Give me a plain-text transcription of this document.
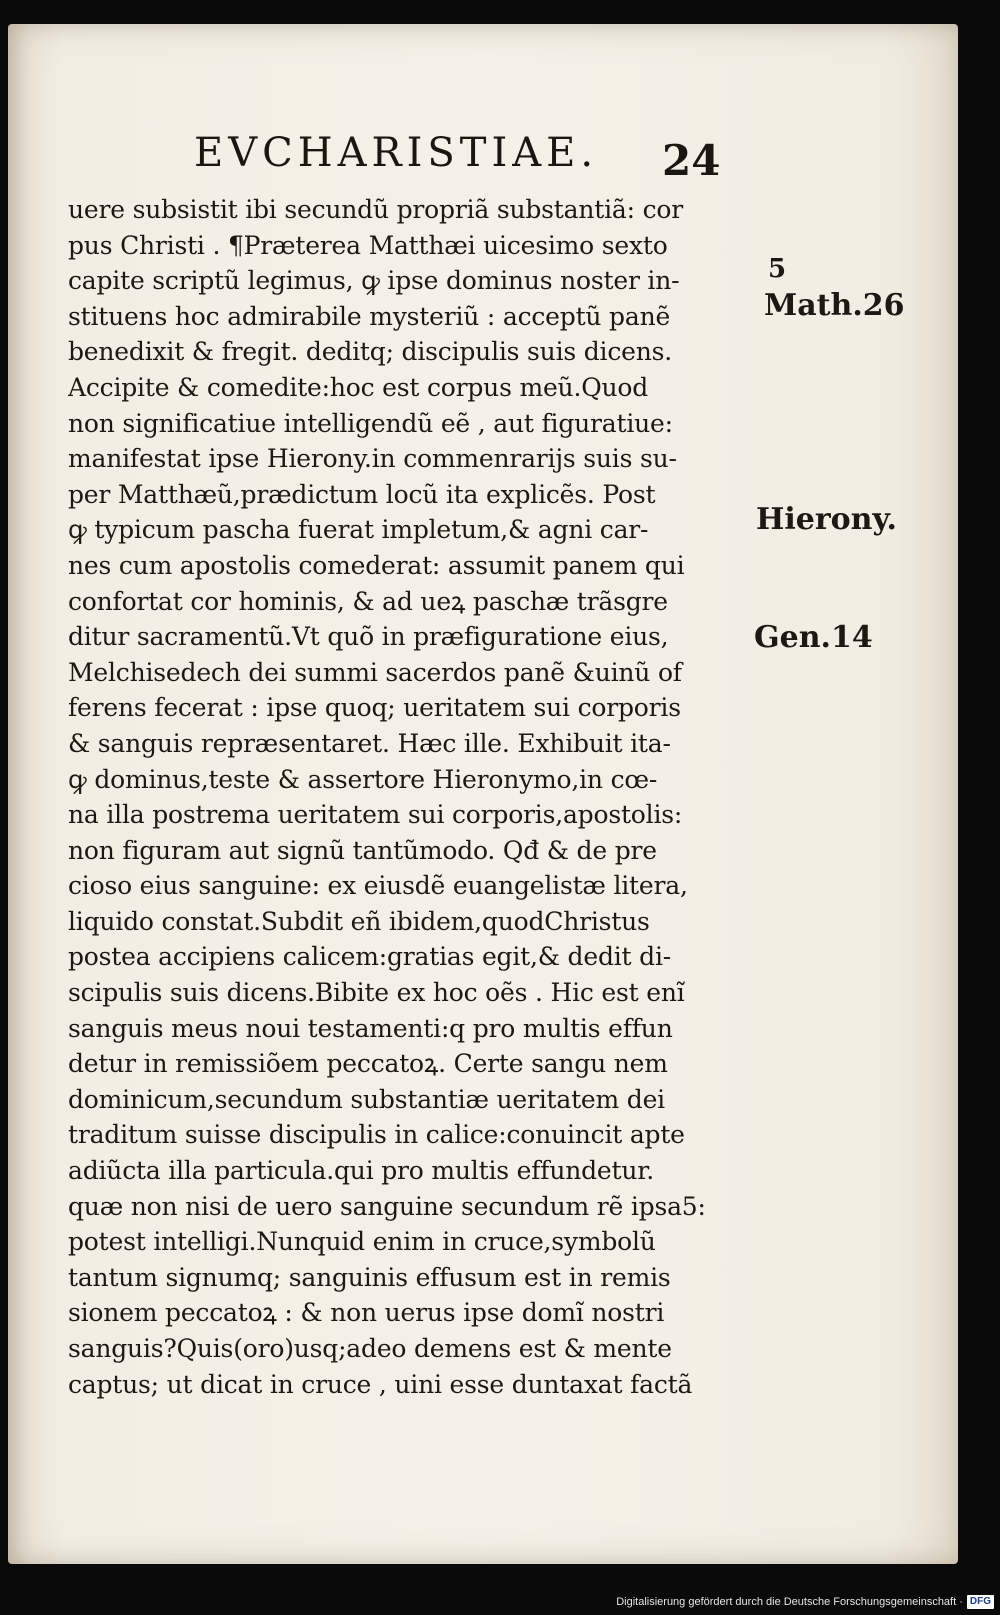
EVCHARISTIAE. 24
uere subsistit ibi secundũ propriã substantiã: cor
pus Christi . ¶Præterea Matthæi uicesimo sexto
capite scriptũ legimus, ꝙ ipse dominus noster in-
stituens hoc admirabile mysteriũ : acceptũ panẽ
benedixit & fregit. deditq; discipulis suis dicens.
Accipite & comedite:hoc est corpus meũ.Quod
non significatiue intelligendũ eẽ , aut figuratiue:
manifestat ipse Hierony.in commenrarijs suis su-
per Matthæũ,prædictum locũ ita explicẽs. Post
ꝙ typicum pascha fuerat impletum,& agni car-
nes cum apostolis comederat: assumit panem qui
confortat cor hominis, & ad ueꝝ paschæ trãsgre
ditur sacramentũ.Vt quõ in præfiguratione eius,
Melchisedech dei summi sacerdos panẽ &uinũ of
ferens fecerat : ipse quoq; ueritatem sui corporis
& sanguis repræsentaret. Hæc ille. Exhibuit ita-
ꝙ dominus,teste & assertore Hieronymo,in cœ-
na illa postrema ueritatem sui corporis,apostolis:
non figuram aut signũ tantũmodo. Qđ & de pre
cioso eius sanguine: ex eiusdẽ euangelistæ litera,
liquido constat.Subdit eñ ibidem,quodChristus
postea accipiens calicem:gratias egit,& dedit di-
scipulis suis dicens.Bibite ex hoc oẽs . Hic est enĩ
sanguis meus noui testamenti:q pro multis effun
detur in remissiõem peccatoꝝ. Certe sangu nem
dominicum,secundum substantiæ ueritatem dei
traditum suisse discipulis in calice:conuincit apte
adiũcta illa particula.qui pro multis effundetur.
quæ non nisi de uero sanguine secundum rẽ ipsa5:
potest intelligi.Nunquid enim in cruce,symbolũ
tantum signumq; sanguinis effusum est in remis
sionem peccatoꝝ : & non uerus ipse domĩ nostri
sanguis?Quis(oro)usq;adeo demens est & mente
captus; ut dicat in cruce , uini esse duntaxat factã
5
Math.26
Hierony.
Gen.14
Digitalisierung gefördert durch die Deutsche Forschungsgemeinschaft · DFG
